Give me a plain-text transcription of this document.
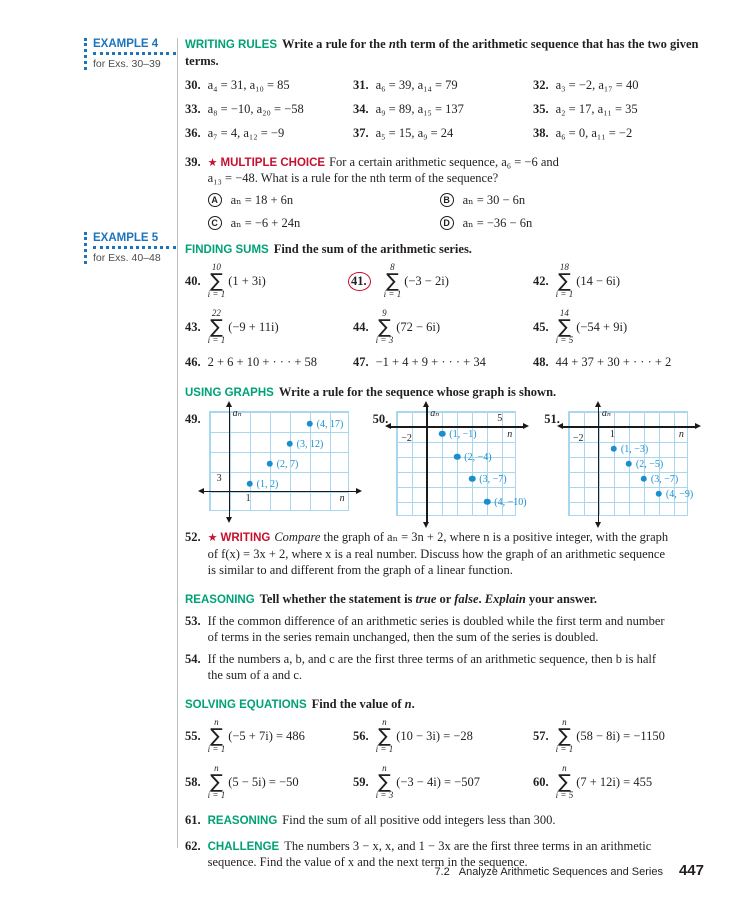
EXAMPLE 4
for Exs. 30–39
EXAMPLE 5
for Exs. 40–48
WRITING RULES Write a rule for the nth term of the arithmetic sequence that has the two given terms.
30. a₄ = 31, a₁₀ = 85	31. a₆ = 39, a₁₄ = 79	32. a₃ = −2, a₁₇ = 40
33. a₈ = −10, a₂₀ = −58	34. a₉ = 89, a₁₅ = 137	35. a₂ = 17, a₁₁ = 35
36. a₇ = 4, a₁₂ = −9	37. a₅ = 15, a₉ = 24	38. a₆ = 0, a₁₁ = −2
39. ★ MULTIPLE CHOICE For a certain arithmetic sequence, a₆ = −6 and a₁₃ = −48. What is a rule for the nth term of the sequence?
A	aₙ = 18 + 6n	B	aₙ = 30 − 6n
C	aₙ = −6 + 24n	D	aₙ = −36 − 6n
FINDING SUMS Find the sum of the arithmetic series.
40.
10
∑
i = 1
(1 + 3i)	41.
8
∑
i = 1
(−3 − 2i)	42.
18
∑
i = 1
(14 − 6i)
43.
22
∑
i = 1
(−9 + 11i)	44.
9
∑
i = 3
(72 − 6i)	45.
14
∑
i = 5
(−54 + 9i)
46. 2 + 6 + 10 + · · · + 58	47. −1 + 4 + 9 + · · · + 34	48. 44 + 37 + 30 + · · · + 2
USING GRAPHS Write a rule for the sequence whose graph is shown.
49.	aₙ
n
3
1
(1, 2)
(2, 7)
(3, 12)
(4, 17) 50.	aₙ
n
−2
5
(1, −1)
(2, −4)
(3, −7)
(4, −10)
51.	aₙ
n
−2	1
(1, −3)
(2, −5)
(3, −7)
(4, −9)
52. ★ WRITING Compare the graph of aₙ = 3n + 2, where n is a positive integer, with the graph of f(x) = 3x + 2, where x is a real number. Discuss how the graph of an arithmetic sequence is similar to and different from the graph of a linear function.
REASONING Tell whether the statement is true or false. Explain your answer.
53. If the common difference of an arithmetic series is doubled while the first term and number of terms in the series remain unchanged, then the sum of the series is doubled.
54. If the numbers a, b, and c are the first three terms of an arithmetic sequence, then b is half the sum of a and c.
SOLVING EQUATIONS Find the value of n.
55.
n
∑
i = 1
(−5 + 7i) = 486	56.
n
∑
i = 1
(10 − 3i) = −28	57.
n
∑
i = 1
(58 − 8i) = −1150
58.
n
∑
i = 1
(5 − 5i) = −50	59.
n
∑
i = 3
(−3 − 4i) = −507	60.
n
∑
i = 5
(7 + 12i) = 455
61. REASONING Find the sum of all positive odd integers less than 300.
62. CHALLENGE The numbers 3 − x, x, and 1 − 3x are the first three terms in an arithmetic sequence. Find the value of x and the next term in the sequence.
7.2 Analyze Arithmetic Sequences and Series 447
